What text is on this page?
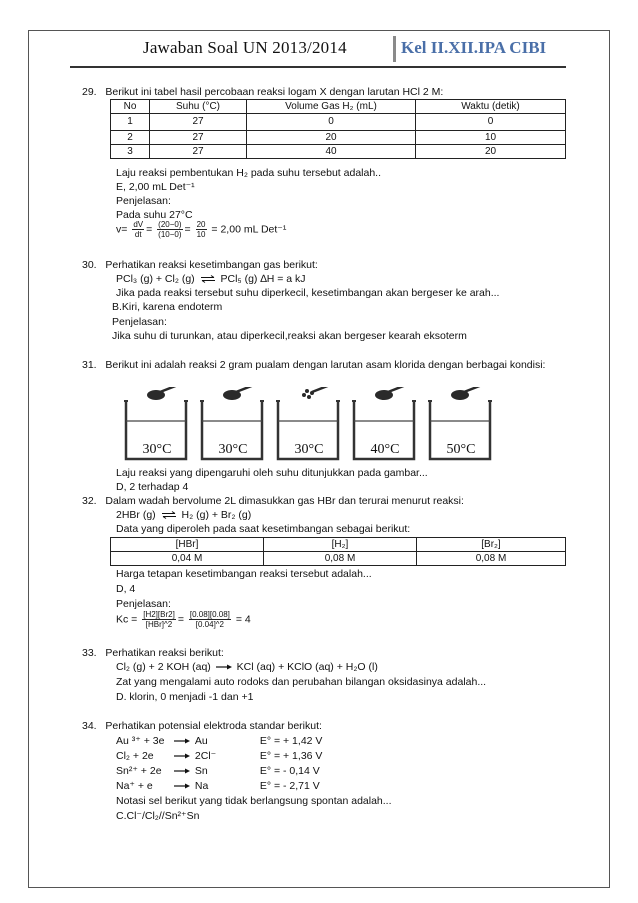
Jawaban Soal UN 2013/2014	Kel II.XII.IPA CIBI
29. Berikut ini tabel hasil percobaan reaksi logam X dengan larutan HCl 2 M:
No	Suhu (°C)	Volume Gas H₂ (mL)	Waktu (detik)
1	27	0	0
2	27	20	10
3	27	40	20
Laju reaksi pembentukan H₂ pada suhu tersebut adalah..
E, 2,00 mL Det⁻¹
Penjelasan:
Pada suhu 27°C
$v= \frac{dV}{dt} = \frac{(20-0)}{(10-0)} = \frac{20}{10} = 2,00$ mL Det⁻¹
30. Perhatikan reaksi kesetimbangan gas berikut:
PCl₃ (g) + Cl₂ (g) ⇌ PCl₅ (g) ∆H = a kJ
Jika pada reaksi tersebut suhu diperkecil, kesetimbangan akan bergeser ke arah...
B.Kiri, karena endoterm
Penjelasan:
Jika suhu di turunkan, atau diperkecil,reaksi akan bergeser kearah eksoterm
31. Berikut ini adalah reaksi 2 gram pualam dengan larutan asam klorida dengan berbagai kondisi:
30°C	30°C	30°C	40°C	50°C
Laju reaksi yang dipengaruhi oleh suhu ditunjukkan pada gambar...
D, 2 terhadap 4
32. Dalam wadah bervolume 2L dimasukkan gas HBr dan terurai menurut reaksi:
2HBr (g) ⇌ H₂ (g) + Br₂ (g)
Data yang diperoleh pada saat kesetimbangan sebagai berikut:
[HBr]	[H₂]	[Br₂]
0,04 M	0,08 M	0,08 M
Harga tetapan kesetimbangan reaksi tersebut adalah...
D, 4
Penjelasan:
$Kc = \frac{[H2][Br2]}{\text{[HBr]\textasciicircum{}2}} = \frac{[0.08][0.08]}{[0.04]\^{}2} = 4$
33. Perhatikan reaksi berikut:
Cl₂ (g) + 2 KOH (aq) → KCl (aq) + KClO (aq) + H₂O (l)
Zat yang mengalami auto rodoks dan perubahan bilangan oksidasinya adalah...
D. klorin, 0 menjadi -1 dan +1
34. Perhatikan potensial elektroda standar berikut:
Au ³⁺ + 3e → Au	E° = + 1,42 V
Cl₂ + 2e → 2Cl⁻	E° = + 1,36 V
Sn²⁺ + 2e → Sn	E° = - 0,14 V
Na⁺ + e → Na	E° = - 2,71 V
Notasi sel berikut yang tidak berlangsung spontan adalah...
C.Cl⁻/Cl₂//Sn²⁺Sn
